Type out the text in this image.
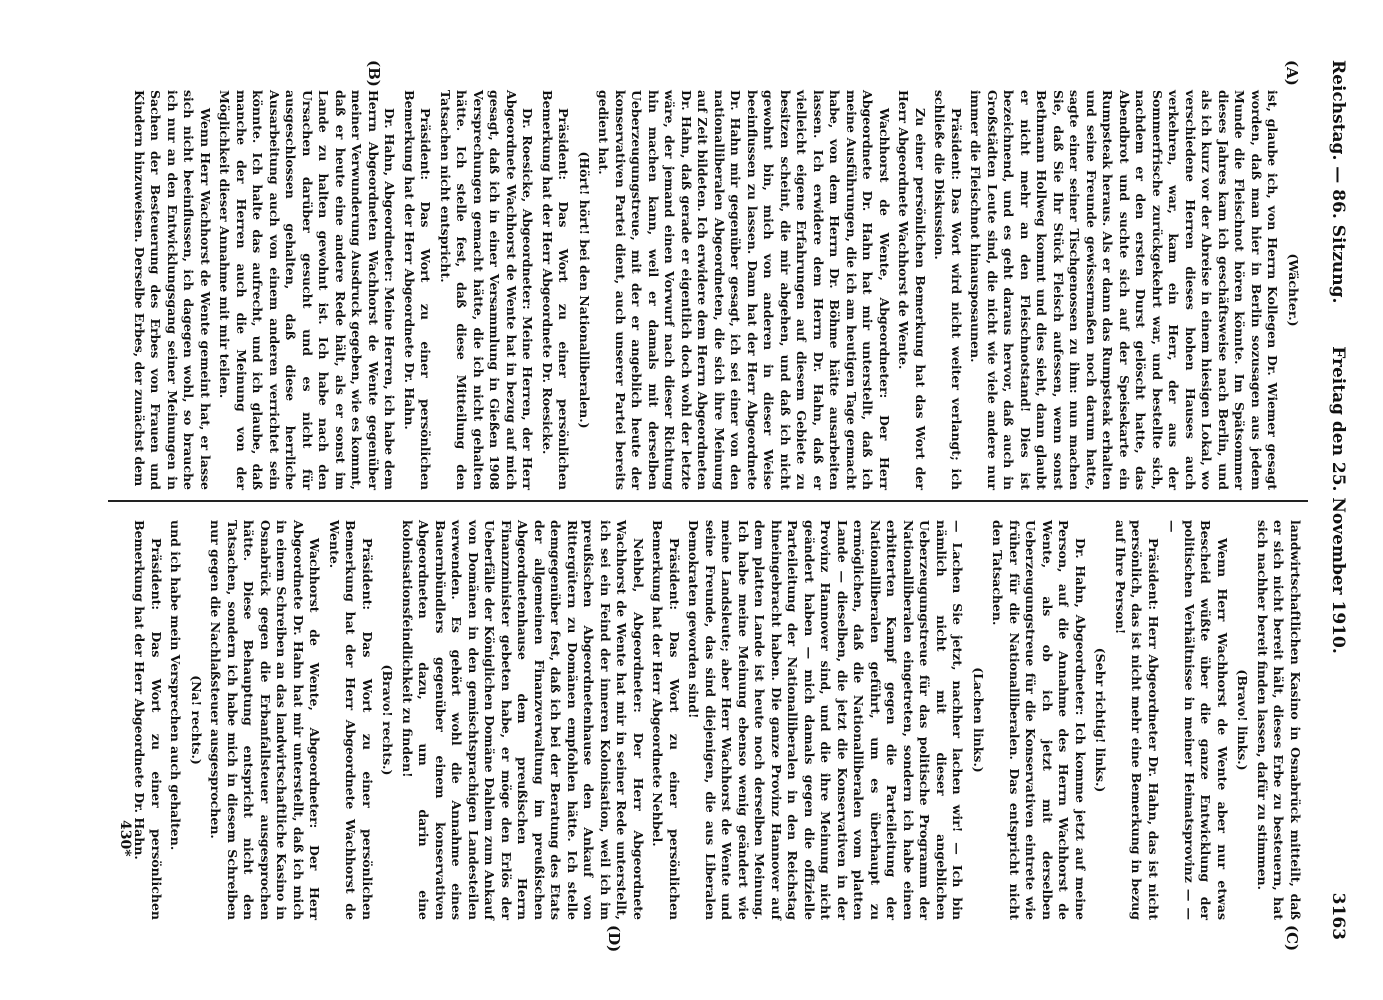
Reichstag. — 86. Sitzung.
Freitag den 25. November 1910.
3163
(A)
(B)
(C)
(D)

(Wächter.)

ist, glaube ich, von Herrn Kollegen Dr. Wiemer gesagt worden, daß man hier in Berlin sozusagen aus jedem Munde die Fleischnot hören könnte. Im Spätsommer dieses Jahres kam ich geschäftsweise nach Berlin, und als ich kurz vor der Abreise in einem hiesigen Lokal, wo verschiedene Herren dieses hohen Hauses auch verkehren, war, kam ein Herr, der aus der Sommerfrische zurückgekehrt war, und bestellte sich, nachdem er den ersten Durst gelöscht hatte, das Abendbrot und suchte sich auf der Speisekarte ein Rumpsteak heraus. Als er dann das Rumpsteak erhalten und seine Freunde gewissermaßen noch darum hatte, sagte einer seiner Tischgenossen zu ihm: nun machen Sie, daß Sie Ihr Stück Fleisch aufessen, wenn sonst Bethmann Hollweg kommt und dies sieht, dann glaubt er nicht mehr an den Fleischnotstand! Dies ist bezeichnend, und es geht daraus hervor, daß auch in Großstädten Leute sind, die nicht wie viele andere nur immer die Fleischnot hinausposaunen.

Präsident: Das Wort wird nicht weiter verlangt; ich schließe die Diskussion.

Zu einer persönlichen Bemerkung hat das Wort der Herr Abgeordnete Wachhorst de Wente.

Wachhorst de Wente, Abgeordneter: Der Herr Abgeordnete Dr. Hahn hat mir unterstellt, daß ich meine Ausführungen, die ich am heutigen Tage gemacht habe, von dem Herrn Dr. Böhme hätte ausarbeiten lassen. Ich erwidere dem Herrn Dr. Hahn, daß er vielleicht eigene Erfahrungen auf diesem Gebiete zu besitzen scheint, die mir abgehen, und daß ich nicht gewohnt bin, mich von anderen in dieser Weise beeinflussen zu lassen. Dann hat der Herr Abgeordnete Dr. Hahn mir gegenüber gesagt, ich sei einer von den nationalliberalen Abgeordneten, die sich ihre Meinung auf Zeit bildeten. Ich erwidere dem Herrn Abgeordneten Dr. Hahn, daß gerade er eigentlich doch wohl der letzte wäre, der jemand einen Vorwurf nach dieser Richtung hin machen kann, weil er damals mit derselben Ueberzeugungstreue, mit der er angeblich heute der konservativen Partei dient, auch unserer Partei bereits gedient hat.

(Hört! hört! bei den Nationalliberalen.)

Präsident: Das Wort zu einer persönlichen Bemerkung hat der Herr Abgeordnete Dr. Roesicke.

Dr. Roesicke, Abgeordneter: Meine Herren, der Herr Abgeordnete Wachhorst de Wente hat in bezug auf mich gesagt, daß ich in einer Versammlung in Gießen 1908 Versprechungen gemacht hätte, die ich nicht gehalten hätte. Ich stelle fest, daß diese Mitteilung den Tatsachen nicht entspricht.

Präsident: Das Wort zu einer persönlichen Bemerkung hat der Herr Abgeordnete Dr. Hahn.

Dr. Hahn, Abgeordneter: Meine Herren, ich habe dem Herrn Abgeordneten Wachhorst de Wente gegenüber meiner Verwunderung Ausdruck gegeben, wie es kommt, daß er heute eine andere Rede hält, als er sonst im Lande zu halten gewohnt ist. Ich habe nach den Ursachen darüber gesucht und es nicht für ausgeschlossen gehalten, daß diese herrliche Ausarbeitung auch von einem anderen verrichtet sein könnte. Ich halte das aufrecht, und ich glaube, daß manche der Herren auch die Meinung von der Möglichkeit dieser Annahme mit mir teilen.

Wenn Herr Wachhorst de Wente gemeint hat, er lasse sich nicht beeinflussen, ich dagegen wohl, so brauche ich nur an den Entwicklungsgang seiner Meinungen in Sachen der Besteuerung des Erbes von Frauen und Kindern hinzuweisen. Derselbe Erbes, der zunächst dem

landwirtschaftlichen Kasino in Osnabrück mitteilt, daß er sich nicht bereit hält, dieses Erbe zu besteuern, hat sich nachher bereit finden lassen, dafür zu stimmen.

(Bravo! links.)

Wenn Herr Wachhorst de Wente aber nur etwas Bescheid wüßte über die ganze Entwicklung der politischen Verhältnisse in meiner Heimatsprovinz — — —

Präsident: Herr Abgeordneter Dr. Hahn, das ist nicht persönlich, das ist nicht mehr eine Bemerkung in bezug auf Ihre Person!

(Sehr richtig! links.)

Dr. Hahn, Abgeordneter: Ich komme jetzt auf meine Person, auf die Annahme des Herrn Wachhorst de Wente, als ob ich jetzt mit derselben Ueberzeugungstreue für die Konservativen eintrete wie früher für die Nationalliberalen. Das entspricht nicht den Tatsachen.

(Lachen links.)

— Lachen Sie jetzt, nachher lachen wir! — Ich bin nämlich nicht mit dieser angeblichen Ueberzeugungstreue für das politische Programm der Nationalliberalen eingetreten, sondern ich habe einen erbitterten Kampf gegen die Parteileitung der Nationalliberalen geführt, um es überhaupt zu ermöglichen, daß die Nationalliberalen vom platten Lande — dieselben, die jetzt die Konservativen in der Provinz Hannover sind, und die ihre Meinung nicht geändert haben — mich damals gegen die offizielle Parteileitung der Nationalliberalen in den Reichstag hineingebracht haben. Die ganze Provinz Hannover auf dem platten Lande ist heute noch derselben Meinung. Ich habe meine Meinung ebenso wenig geändert wie meine Landsleute; aber Herr Wachhorst de Wente und seine Freunde, das sind diejenigen, die aus Liberalen Demokraten geworden sind!

Präsident: Das Wort zu einer persönlichen Bemerkung hat der Herr Abgeordnete Nehbel.

Nehbel, Abgeordneter: Der Herr Abgeordnete Wachhorst de Wente hat mir in seiner Rede unterstellt, ich sei ein Feind der inneren Kolonisation, weil ich im preußischen Abgeordnetenhause den Ankauf von Rittergütern zu Domänen empfohlen hätte. Ich stelle demgegenüber fest, daß ich bei der Beratung des Etats der allgemeinen Finanzverwaltung im preußischen Abgeordnetenhause dem preußischen Herrn Finanzminister gebeten habe, er möge den Erlös der Ueberfälle der Königlichen Domäne Dahlem zum Ankauf von Domänen in den gemischtsprachigen Landesteilen verwenden. Es gehört wohl die Annahme eines Bauernbündlers gegenüber einem konservativen Abgeordneten dazu, um darin eine kolonisationsfeindlichkeit zu finden!

(Bravo! rechts.)

Präsident: Das Wort zu einer persönlichen Bemerkung hat der Herr Abgeordnete Wachhorst de Wente.

Wachhorst de Wente, Abgeordneter: Der Herr Abgeordnete Dr. Hahn hat mir unterstellt, daß ich mich in einem Schreiben an das landwirtschaftliche Kasino in Osnabrück gegen die Erbanfallsteuer ausgesprochen hätte. Diese Behauptung entspricht nicht den Tatsachen, sondern ich habe mich in diesem Schreiben nur gegen die Nachlaßsteuer ausgesprochen.

(Na! rechts.)

und ich habe mein Versprechen auch gehalten.

Präsident: Das Wort zu einer persönlichen Bemerkung hat der Herr Abgeordnete Dr. Hahn.

430*
